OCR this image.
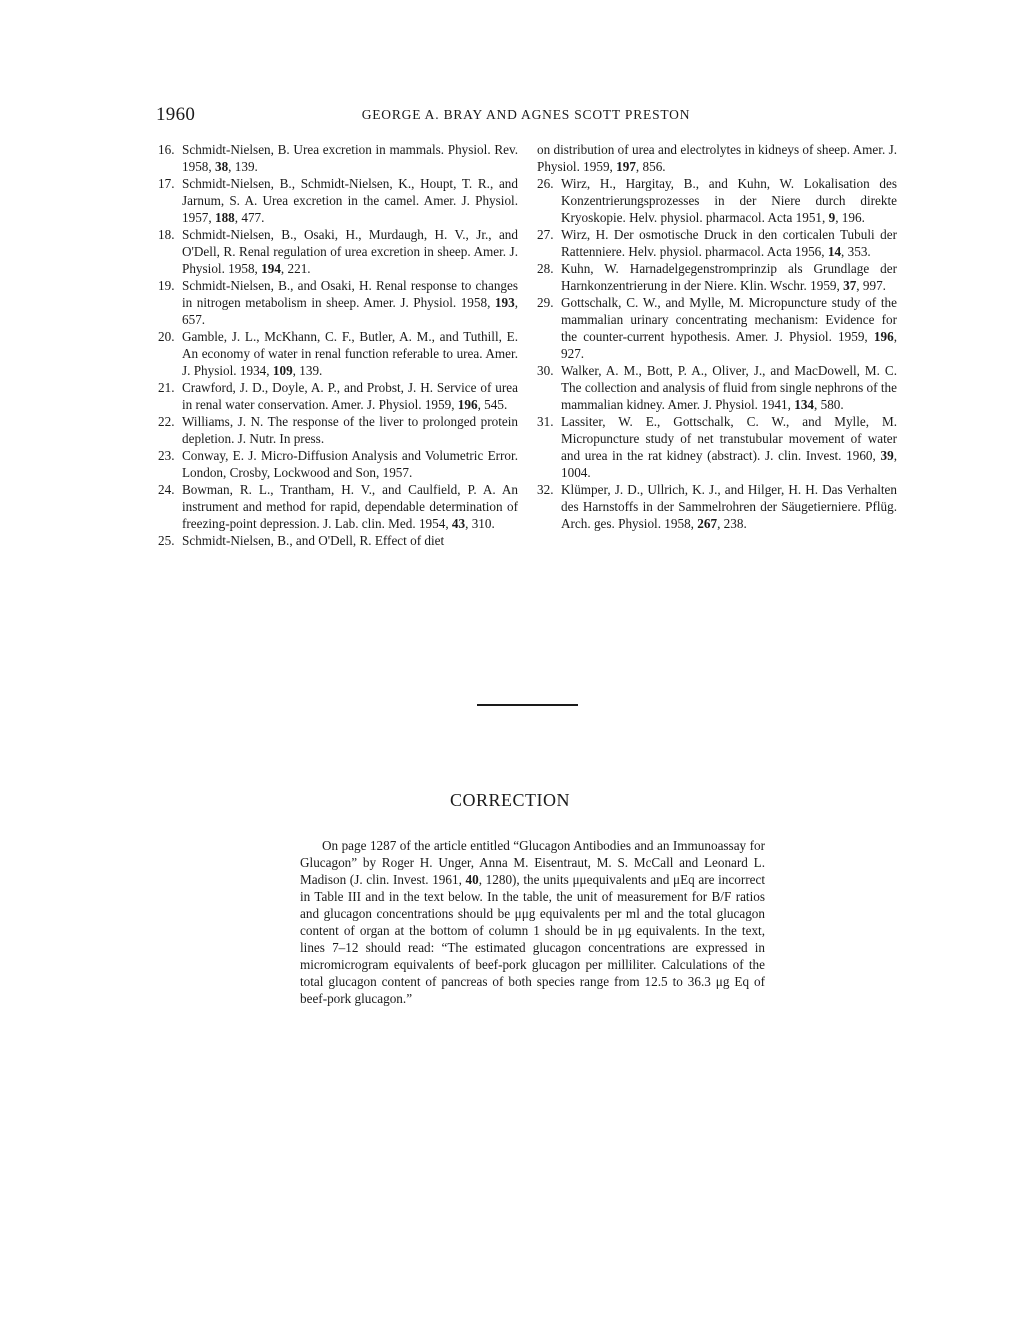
1960	GEORGE A. BRAY AND AGNES SCOTT PRESTON

16. Schmidt-Nielsen, B. Urea excretion in mammals. Physiol. Rev. 1958, 38, 139.

17. Schmidt-Nielsen, B., Schmidt-Nielsen, K., Houpt, T. R., and Jarnum, S. A. Urea excretion in the camel. Amer. J. Physiol. 1957, 188, 477.

18. Schmidt-Nielsen, B., Osaki, H., Murdaugh, H. V., Jr., and O'Dell, R. Renal regulation of urea excretion in sheep. Amer. J. Physiol. 1958, 194, 221.

19. Schmidt-Nielsen, B., and Osaki, H. Renal response to changes in nitrogen metabolism in sheep. Amer. J. Physiol. 1958, 193, 657.

20. Gamble, J. L., McKhann, C. F., Butler, A. M., and Tuthill, E. An economy of water in renal function referable to urea. Amer. J. Physiol. 1934, 109, 139.

21. Crawford, J. D., Doyle, A. P., and Probst, J. H. Service of urea in renal water conservation. Amer. J. Physiol. 1959, 196, 545.

22. Williams, J. N. The response of the liver to prolonged protein depletion. J. Nutr. In press.

23. Conway, E. J. Micro-Diffusion Analysis and Volumetric Error. London, Crosby, Lockwood and Son, 1957.

24. Bowman, R. L., Trantham, H. V., and Caulfield, P. A. An instrument and method for rapid, dependable determination of freezing-point depression. J. Lab. clin. Med. 1954, 43, 310.

25. Schmidt-Nielsen, B., and O'Dell, R. Effect of diet

on distribution of urea and electrolytes in kidneys of sheep. Amer. J. Physiol. 1959, 197, 856.

26. Wirz, H., Hargitay, B., and Kuhn, W. Lokalisation des Konzentrierungsprozesses in der Niere durch direkte Kryoskopie. Helv. physiol. pharmacol. Acta 1951, 9, 196.

27. Wirz, H. Der osmotische Druck in den corticalen Tubuli der Rattenniere. Helv. physiol. pharmacol. Acta 1956, 14, 353.

28. Kuhn, W. Harnadelgegenstromprinzip als Grundlage der Harnkonzentrierung in der Niere. Klin. Wschr. 1959, 37, 997.

29. Gottschalk, C. W., and Mylle, M. Micropuncture study of the mammalian urinary concentrating mechanism: Evidence for the counter-current hypothesis. Amer. J. Physiol. 1959, 196, 927.

30. Walker, A. M., Bott, P. A., Oliver, J., and MacDowell, M. C. The collection and analysis of fluid from single nephrons of the mammalian kidney. Amer. J. Physiol. 1941, 134, 580.

31. Lassiter, W. E., Gottschalk, C. W., and Mylle, M. Micropuncture study of net transtubular movement of water and urea in the rat kidney (abstract). J. clin. Invest. 1960, 39, 1004.

32. Klümper, J. D., Ullrich, K. J., and Hilger, H. H. Das Verhalten des Harnstoffs in der Sammelrohren der Säugetierniere. Pflüg. Arch. ges. Physiol. 1958, 267, 238.

CORRECTION

On page 1287 of the article entitled “Glucagon Antibodies and an Immunoassay for Glucagon” by Roger H. Unger, Anna M. Eisentraut, M. S. McCall and Leonard L. Madison (J. clin. Invest. 1961, 40, 1280), the units μμequivalents and μEq are incorrect in Table III and in the text below. In the table, the unit of measurement for B/F ratios and glucagon concentrations should be μμg equivalents per ml and the total glucagon content of organ at the bottom of column 1 should be in μg equivalents. In the text, lines 7–12 should read: “The estimated glucagon concentrations are expressed in micromicrogram equivalents of beef-pork glucagon per milliliter. Calculations of the total glucagon content of pancreas of both species range from 12.5 to 36.3 μg Eq of beef-pork glucagon.”
